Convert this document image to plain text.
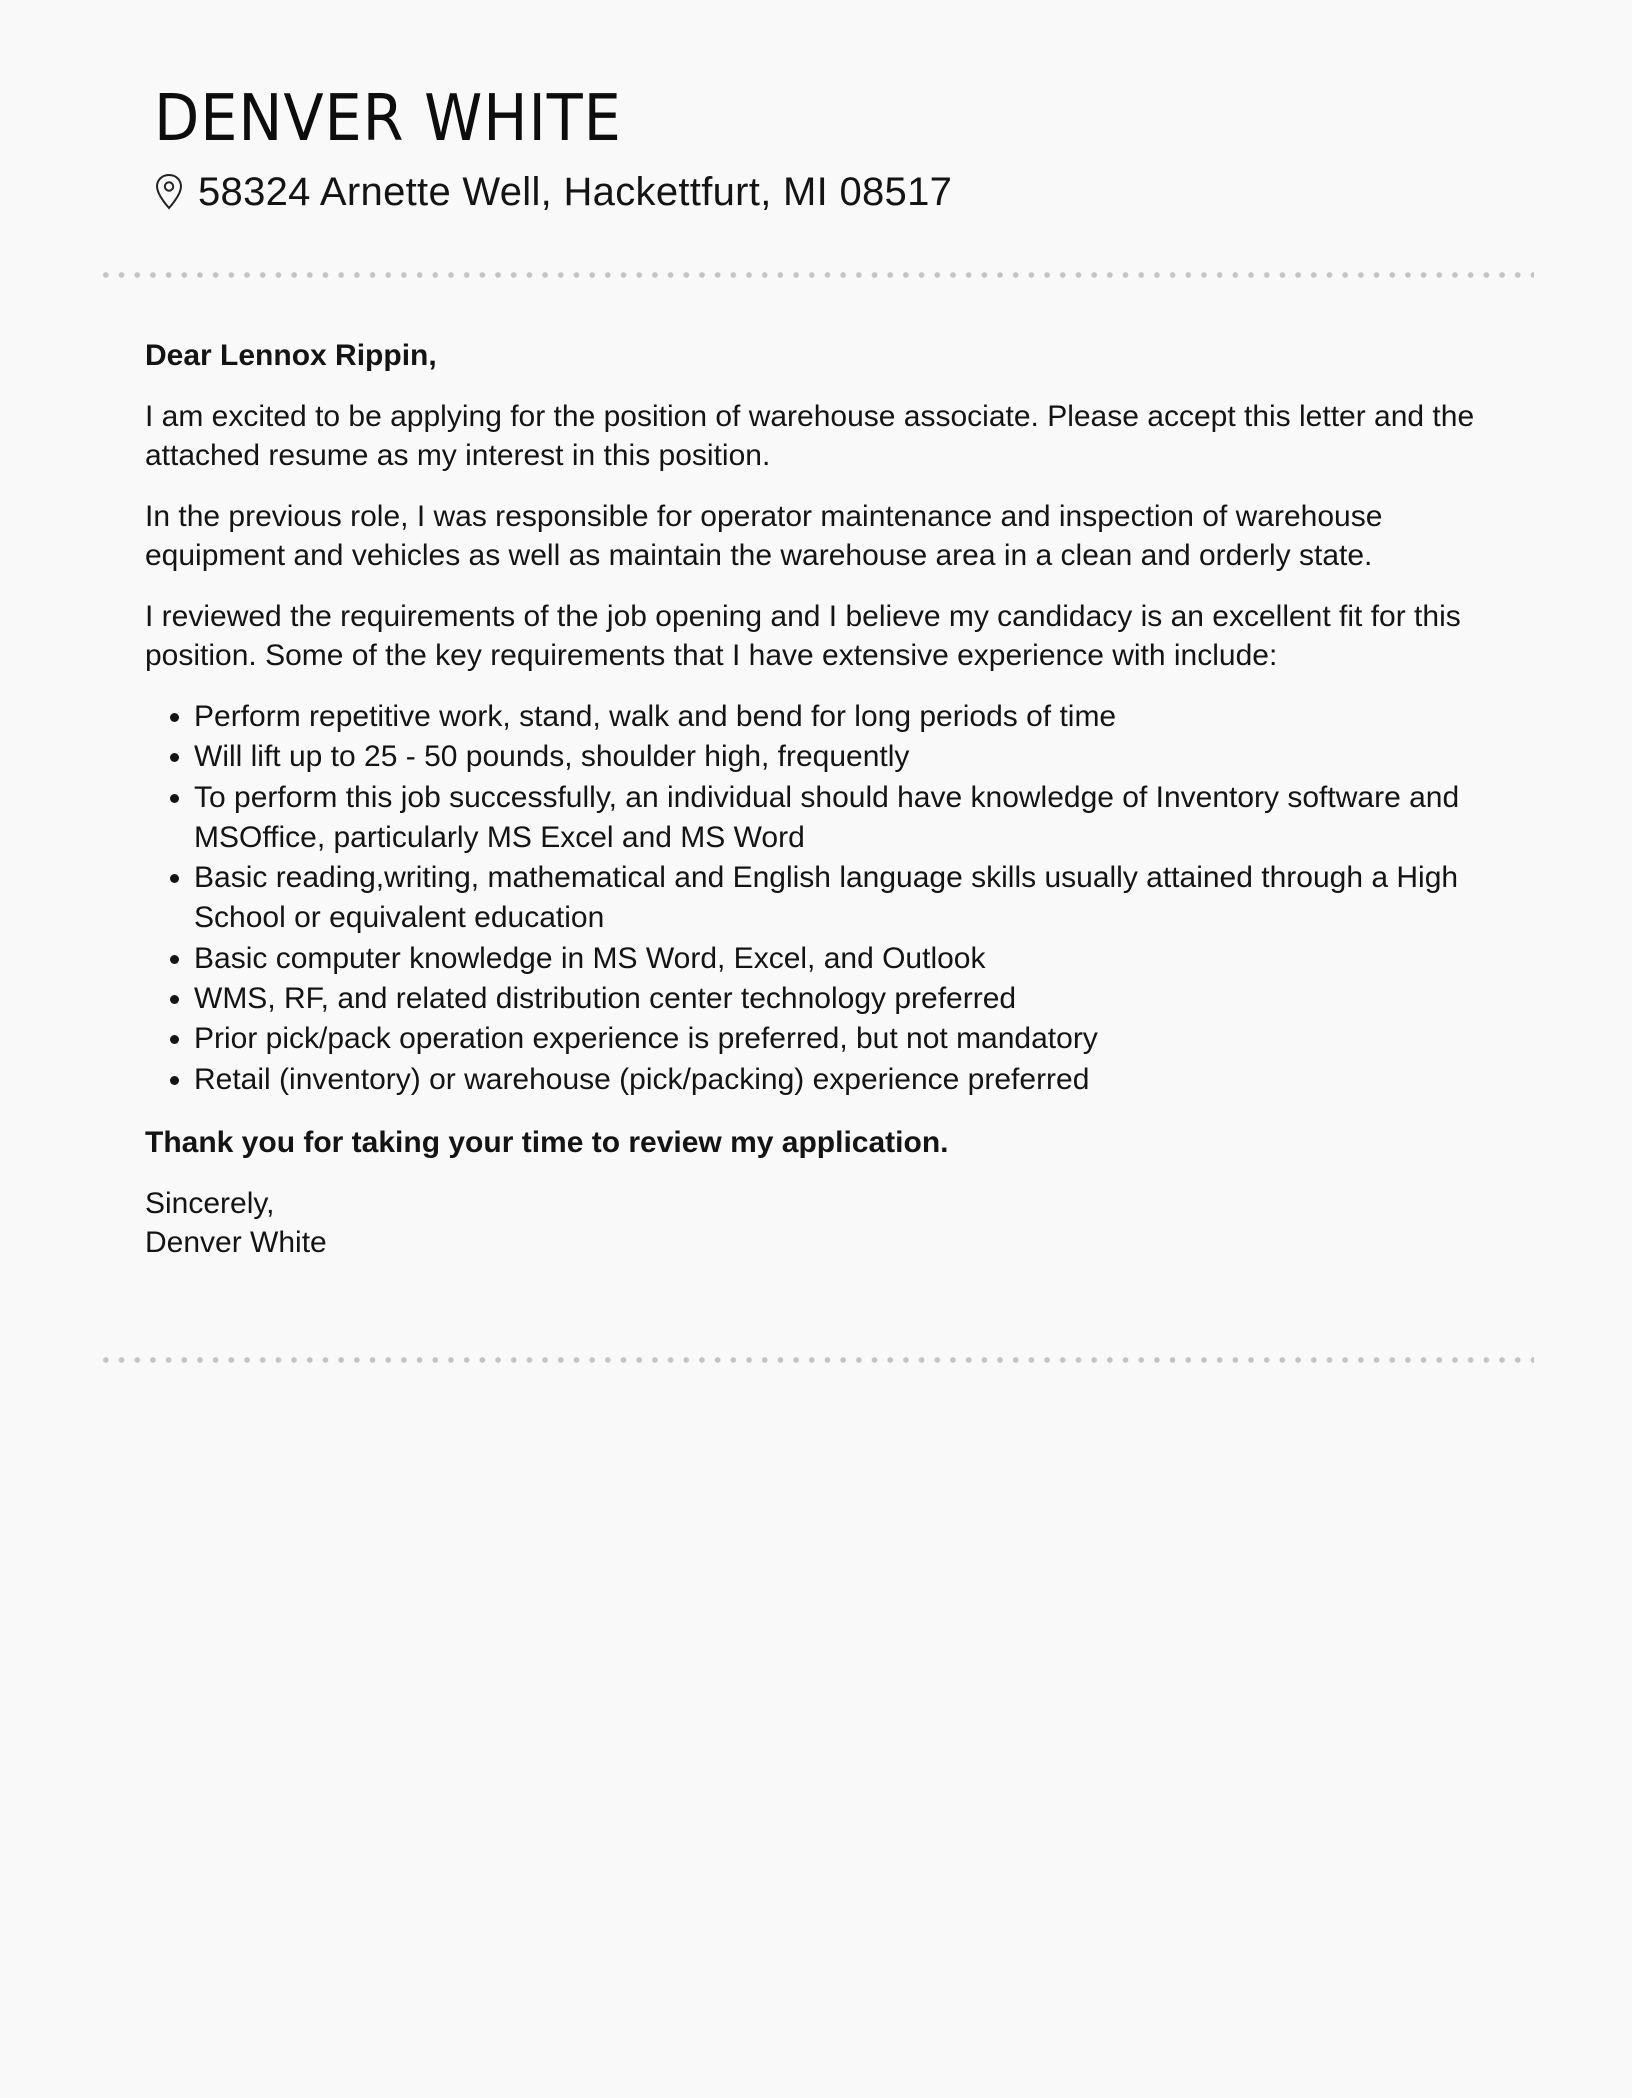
DENVER WHITE
58324 Arnette Well, Hackettfurt, MI 08517

Dear Lennox Rippin,

I am excited to be applying for the position of warehouse associate. Please accept this letter and the attached resume as my interest in this position.

In the previous role, I was responsible for operator maintenance and inspection of warehouse equipment and vehicles as well as maintain the warehouse area in a clean and orderly state.

I reviewed the requirements of the job opening and I believe my candidacy is an excellent fit for this position. Some of the key requirements that I have extensive experience with include:

• Perform repetitive work, stand, walk and bend for long periods of time
• Will lift up to 25 - 50 pounds, shoulder high, frequently
• To perform this job successfully, an individual should have knowledge of Inventory software and MSOffice, particularly MS Excel and MS Word
• Basic reading,writing, mathematical and English language skills usually attained through a High School or equivalent education
• Basic computer knowledge in MS Word, Excel, and Outlook
• WMS, RF, and related distribution center technology preferred
• Prior pick/pack operation experience is preferred, but not mandatory
• Retail (inventory) or warehouse (pick/packing) experience preferred

Thank you for taking your time to review my application.

Sincerely,

Denver White
